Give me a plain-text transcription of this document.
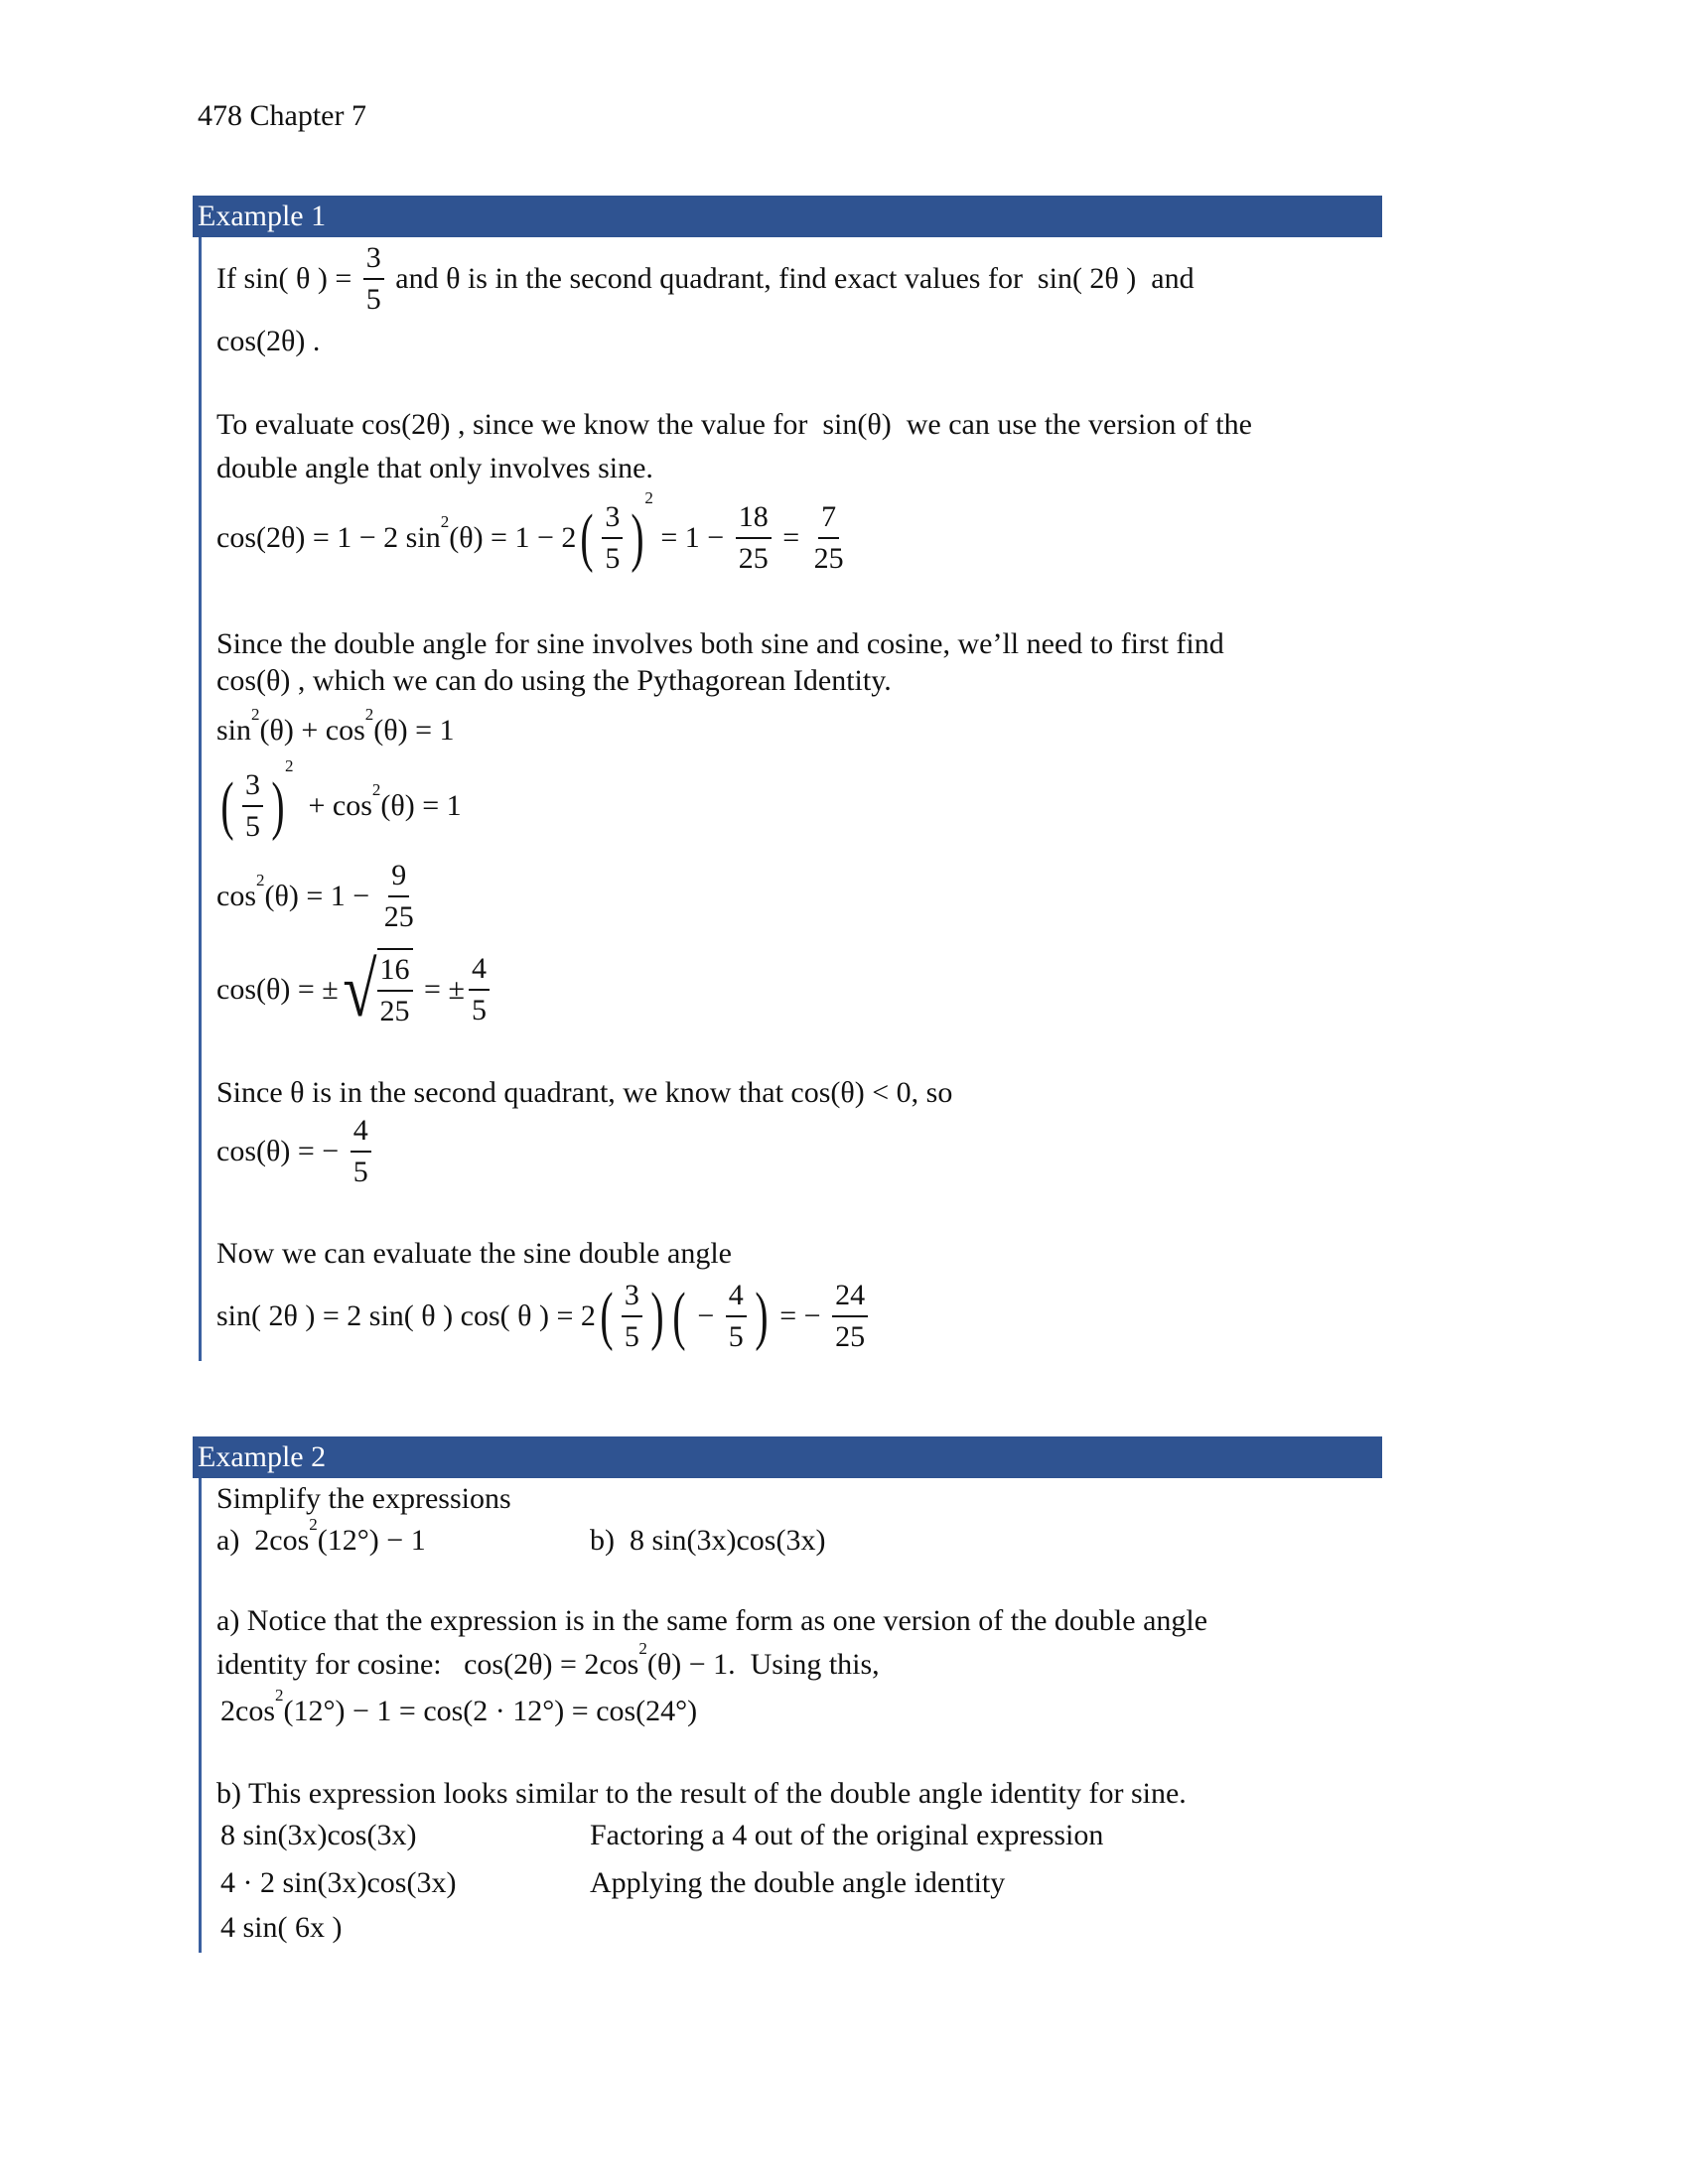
478 Chapter 7
Example 1
If sin( θ ) = $\frac{3}{5}$ and θ is in the second quadrant, find exact values for  sin( 2θ )  and
cos(2θ) .
To evaluate cos(2θ) , since we know the value for  sin(θ)  we can use the version of the
double angle that only involves sine.
cos(2θ) = 1 − 2 sin 2 (θ) = 1 − 2 ( $\frac{3}{5}$ )
2
= $1 - \frac{18}{25} = \frac{7}{25}$
Since the double angle for sine involves both sine and cosine, we’ll need to first find
cos(θ) , which we can do using the Pythagorean Identity.
sin 2 (θ) + cos 2 (θ) = 1
( $\frac{3}{5}$ )
2
+ cos 2 (θ) = 1
cos 2 $(\theta) = 1 - \frac{9}{25}$
cos(θ) = ± √ $\frac{16}{25}$ = ± $\frac{4}{5}$
Since θ is in the second quadrant, we know that cos(θ) < 0, so
cos(θ) = − $\frac{4}{5}$
Now we can evaluate the sine double angle
sin( 2θ ) = 2 sin( θ ) cos( θ ) = 2 ( $\frac{3}{5}$ ) ( − $\frac{4}{5}$ ) = − $\frac{24}{25}$
Example 2
Simplify the expressions
a)  2cos 2 (12°) − 1	b)  8 sin(3x)cos(3x)
a) Notice that the expression is in the same form as one version of the double angle
identity for cosine:   cos(2θ) = 2cos 2 (θ) − 1.  Using this,
2cos 2 (12°) − 1 = cos(2 · 12°) = cos(24°)
b) This expression looks similar to the result of the double angle identity for sine.
8 sin(3x)cos(3x)	Factoring a 4 out of the original expression
4 · 2 sin(3x)cos(3x)	Applying the double angle identity
4 sin( 6x )
